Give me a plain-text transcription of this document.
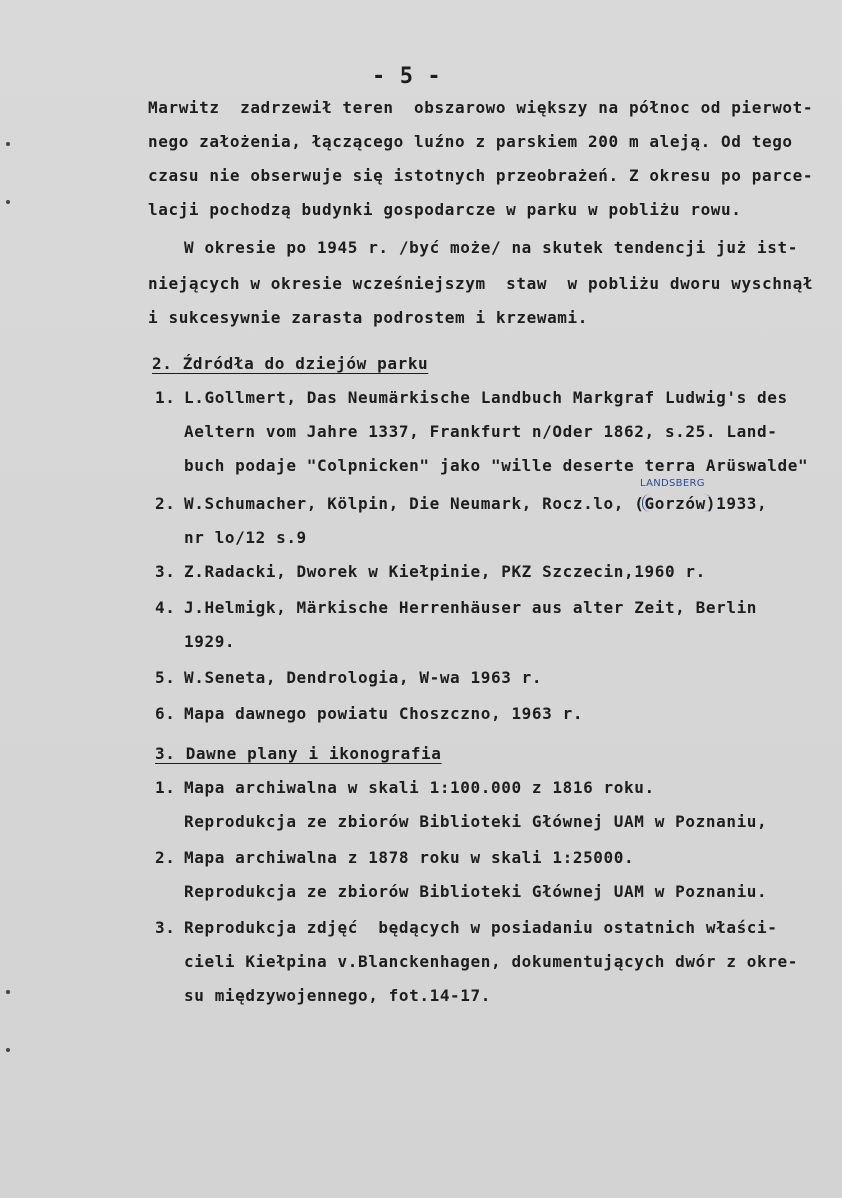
- 5 -
Marwitz  zadrzewił teren  obszarowo większy na północ od pierwot-
nego założenia, łączącego luźno z parskiem 200 m aleją. Od tego
czasu nie obserwuje się istotnych przeobrażeń. Z okresu po parce-
lacji pochodzą budynki gospodarcze w parku w pobliżu rowu.
W okresie po 1945 r. /być może/ na skutek tendencji już ist-
niejących w okresie wcześniejszym  staw  w pobliżu dworu wyschnął
i sukcesywnie zarasta podrostem i krzewami.
2. Źdródła do dziejów parku
1. L.Gollmert, Das Neumärkische Landbuch Markgraf Ludwig's des
Aeltern vom Jahre 1337, Frankfurt n/Oder 1862, s.25. Land-
buch podaje "Colpnicken" jako "wille deserte terra Arüswalde"
LANDSBERG
2. W.Schumacher, Kölpin, Die Neumark, Rocz.lo, (Gorzów)1933,
nr lo/12 s.9
3. Z.Radacki, Dworek w Kiełpinie, PKZ Szczecin,1960 r.
4. J.Helmigk, Märkische Herrenhäuser aus alter Zeit, Berlin
1929.
5. W.Seneta, Dendrologia, W-wa 1963 r.
6. Mapa dawnego powiatu Choszczno, 1963 r.
3. Dawne plany i ikonografia
1. Mapa archiwalna w skali 1:100.000 z 1816 roku.
Reprodukcja ze zbiorów Biblioteki Głównej UAM w Poznaniu,
2. Mapa archiwalna z 1878 roku w skali 1:25000.
Reprodukcja ze zbiorów Biblioteki Głównej UAM w Poznaniu.
3. Reprodukcja zdjęć  będących w posiadaniu ostatnich właści-
cieli Kiełpina v.Blanckenhagen, dokumentujących dwór z okre-
su międzywojennego, fot.14-17.
